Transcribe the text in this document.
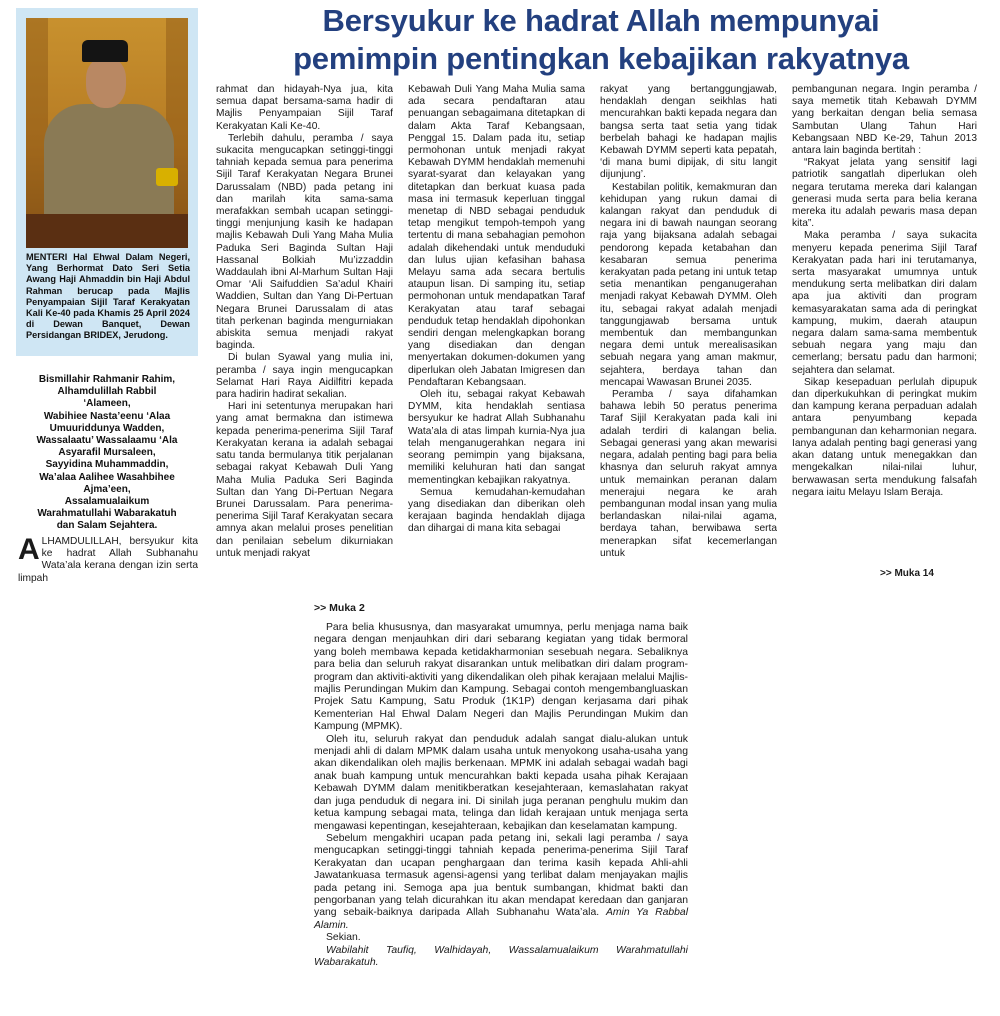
Bersyukur ke hadrat Allah mempunyai
pemimpin pentingkan kebajikan rakyatnya
MENTERI Hal Ehwal Dalam Negeri, Yang Berhormat Dato Seri Setia Awang Haji Ahmaddin bin Haji Abdul Rahman berucap pada Majlis Penyampaian Sijil Taraf Kerakyatan Kali Ke-40 pada Khamis 25 April 2024 di Dewan Banquet, Dewan Persidangan BRIDEX, Jerudong.
Bismillahir Rahmanir Rahim,
Alhamdulillah Rabbil
‘Alameen,
Wabihiee Nasta’eenu ‘Alaa
Umuuriddunya Wadden,
Wassalaatu’ Wassalaamu ‘Ala
Asyarafil Mursaleen,
Sayyidina Muhammaddin,
Wa’alaa Aalihee Wasahbihee
Ajma’een,
Assalamualaikum
Warahmatullahi Wabarakatuh
dan Salam Sejahtera.
ALHAMDULILLAH, bersyukur kita ke hadrat Allah Subhanahu Wata’ala kerana dengan izin serta limpah

rahmat dan hidayah-Nya jua, kita semua dapat bersama-sama hadir di Majlis Penyampaian Sijil Taraf Kerakyatan Kali Ke-40.

Terlebih dahulu, peramba / saya sukacita mengucapkan setinggi-tinggi tahniah kepada semua para penerima Sijil Taraf Kerakyatan Negara Brunei Darussalam (NBD) pada petang ini dan marilah kita sama-sama merafakkan sembah ucapan setinggi-tinggi menjunjung kasih ke hadapan majlis Kebawah Duli Yang Maha Mulia Paduka Seri Baginda Sultan Haji Hassanal Bolkiah Mu’izzaddin Waddaulah ibni Al-Marhum Sultan Haji Omar ‘Ali Saifuddien Sa’adul Khairi Waddien, Sultan dan Yang Di-Pertuan Negara Brunei Darussalam di atas titah perkenan baginda mengurniakan abiskita semua menjadi rakyat baginda.

Di bulan Syawal yang mulia ini, peramba / saya ingin mengucapkan Selamat Hari Raya Aidilfitri kepada para hadirin hadirat sekalian.

Hari ini setentunya merupakan hari yang amat bermakna dan istimewa kepada penerima-penerima Sijil Taraf Kerakyatan kerana ia adalah sebagai satu tanda bermulanya titik perjalanan sebagai rakyat Kebawah Duli Yang Maha Mulia Paduka Seri Baginda Sultan dan Yang Di-Pertuan Negara Brunei Darussalam. Para penerima-penerima Sijil Taraf Kerakyatan secara amnya akan melalui proses penelitian dan penilaian sebelum dikurniakan untuk menjadi rakyat

Kebawah Duli Yang Maha Mulia sama ada secara pendaftaran atau penuangan sebagaimana ditetapkan di dalam Akta Taraf Kebangsaan, Penggal 15. Dalam pada itu, setiap permohonan untuk menjadi rakyat Kebawah DYMM hendaklah memenuhi syarat-syarat dan kelayakan yang ditetapkan dan berkuat kuasa pada masa ini termasuk keperluan tinggal menetap di NBD sebagai penduduk tetap mengikut tempoh-tempoh yang tertentu di mana sebahagian pemohon adalah dikehendaki untuk menduduki dan lulus ujian kefasihan bahasa Melayu sama ada secara bertulis ataupun lisan. Di samping itu, setiap permohonan untuk mendapatkan Taraf Kerakyatan atau taraf sebagai penduduk tetap hendaklah dipohonkan sendiri dengan melengkapkan borang yang disediakan dan dengan menyertakan dokumen-dokumen yang diperlukan oleh Jabatan Imigresen dan Pendaftaran Kebangsaan.

Oleh itu, sebagai rakyat Kebawah DYMM, kita hendaklah sentiasa bersyukur ke hadrat Allah Subhanahu Wata’ala di atas limpah kurnia-Nya jua telah menganugerahkan negara ini seorang pemimpin yang bijaksana, memiliki keluhuran hati dan sangat mementingkan kebajikan rakyatnya.

Semua kemudahan-kemudahan yang disediakan dan diberikan oleh kerajaan baginda hendaklah dijaga dan dihargai di mana kita sebagai

rakyat yang bertanggungjawab, hendaklah dengan seikhlas hati mencurahkan bakti kepada negara dan bangsa serta taat setia yang tidak berbelah bahagi ke hadapan majlis Kebawah DYMM seperti kata pepatah, ‘di mana bumi dipijak, di situ langit dijunjung’.

Kestabilan politik, kemakmuran dan kehidupan yang rukun damai di kalangan rakyat dan penduduk di negara ini di bawah naungan seorang raja yang bijaksana adalah sebagai pendorong kepada ketabahan dan kesabaran semua penerima kerakyatan pada petang ini untuk tetap setia menantikan penganugerahan menjadi rakyat Kebawah DYMM. Oleh itu, sebagai rakyat adalah menjadi tanggungjawab bersama untuk membentuk dan membangunkan negara demi untuk merealisasikan sebuah negara yang aman makmur, sejahtera, berdaya tahan dan mencapai Wawasan Brunei 2035.

Peramba / saya difahamkan bahawa lebih 50 peratus penerima Taraf Sijil Kerakyatan pada kali ini adalah terdiri di kalangan belia. Sebagai generasi yang akan mewarisi negara, adalah penting bagi para belia khasnya dan seluruh rakyat amnya untuk memainkan peranan dalam menerajui negara ke arah pembangunan modal insan yang mulia berlandaskan nilai-nilai agama, berdaya tahan, berwibawa serta menerapkan sifat kecemerlangan untuk

pembangunan negara. Ingin peramba / saya memetik titah Kebawah DYMM yang berkaitan dengan belia semasa Sambutan Ulang Tahun Hari Kebangsaan NBD Ke-29, Tahun 2013 antara lain baginda bertitah :

“Rakyat jelata yang sensitif lagi patriotik sangatlah diperlukan oleh negara terutama mereka dari kalangan generasi muda serta para belia kerana mereka itu adalah pewaris masa depan kita”.

Maka peramba / saya sukacita menyeru kepada penerima Sijil Taraf Kerakyatan pada hari ini terutamanya, serta masyarakat umumnya untuk mendukung serta melibatkan diri dalam apa jua aktiviti dan program kemasyarakatan sama ada di peringkat kampung, mukim, daerah ataupun negara dalam sama-sama membentuk sebuah negara yang maju dan cemerlang; bersatu padu dan harmoni; sejahtera dan selamat.

Sikap kesepaduan perlulah dipupuk dan diperkukuhkan di peringkat mukim dan kampung kerana perpaduan adalah antara penyumbang kepada pembangunan dan keharmonian negara. Ianya adalah penting bagi generasi yang akan datang untuk menegakkan dan mengekalkan nilai-nilai luhur, berwawasan serta mendukung falsafah negara iaitu Melayu Islam Beraja.

>> Muka 14
>> Muka 2

Para belia khususnya, dan masyarakat umumnya, perlu menjaga nama baik negara dengan menjauhkan diri dari sebarang kegiatan yang tidak bermoral yang boleh membawa kepada ketidakharmonian sesebuah negara. Sebaliknya para belia dan seluruh rakyat disarankan untuk melibatkan diri dalam program-program dan aktiviti-aktiviti yang dikendalikan oleh pihak kerajaan melalui Majlis-majlis Perundingan Mukim dan Kampung. Sebagai contoh mengembangluaskan Projek Satu Kampung, Satu Produk (1K1P) dengan kerjasama dari pihak Kementerian Hal Ehwal Dalam Negeri dan Majlis Perundingan Mukim dan Kampung (MPMK).

Oleh itu, seluruh rakyat dan penduduk adalah sangat dialu-alukan untuk menjadi ahli di dalam MPMK dalam usaha untuk menyokong usaha-usaha yang akan dikendalikan oleh majlis berkenaan. MPMK ini adalah sebagai wadah bagi anak buah kampung untuk mencurahkan bakti kepada usaha pihak Kerajaan Kebawah DYMM dalam menitikberatkan kesejahteraan, kemaslahatan rakyat dan juga penduduk di negara ini. Di sinilah juga peranan penghulu mukim dan ketua kampung sebagai mata, telinga dan lidah kerajaan untuk menjaga serta mengawasi kepentingan, kesejahteraan, kebajikan dan keselamatan kampung.

Sebelum mengakhiri ucapan pada petang ini, sekali lagi peramba / saya mengucapkan setinggi-tinggi tahniah kepada penerima-penerima Sijil Taraf Kerakyatan dan ucapan penghargaan dan terima kasih kepada Ahli-ahli Jawatankuasa termasuk agensi-agensi yang terlibat dalam menjayakan majlis pada petang ini. Semoga apa jua bentuk sumbangan, khidmat bakti dan pengorbanan yang telah dicurahkan itu akan mendapat keredaan dan ganjaran yang sebaik-baiknya daripada Allah Subhanahu Wata’ala. Amin Ya Rabbal Alamin.

Sekian.

Wabilahit Taufiq, Walhidayah, Wassalamualaikum Warahmatullahi Wabarakatuh.
